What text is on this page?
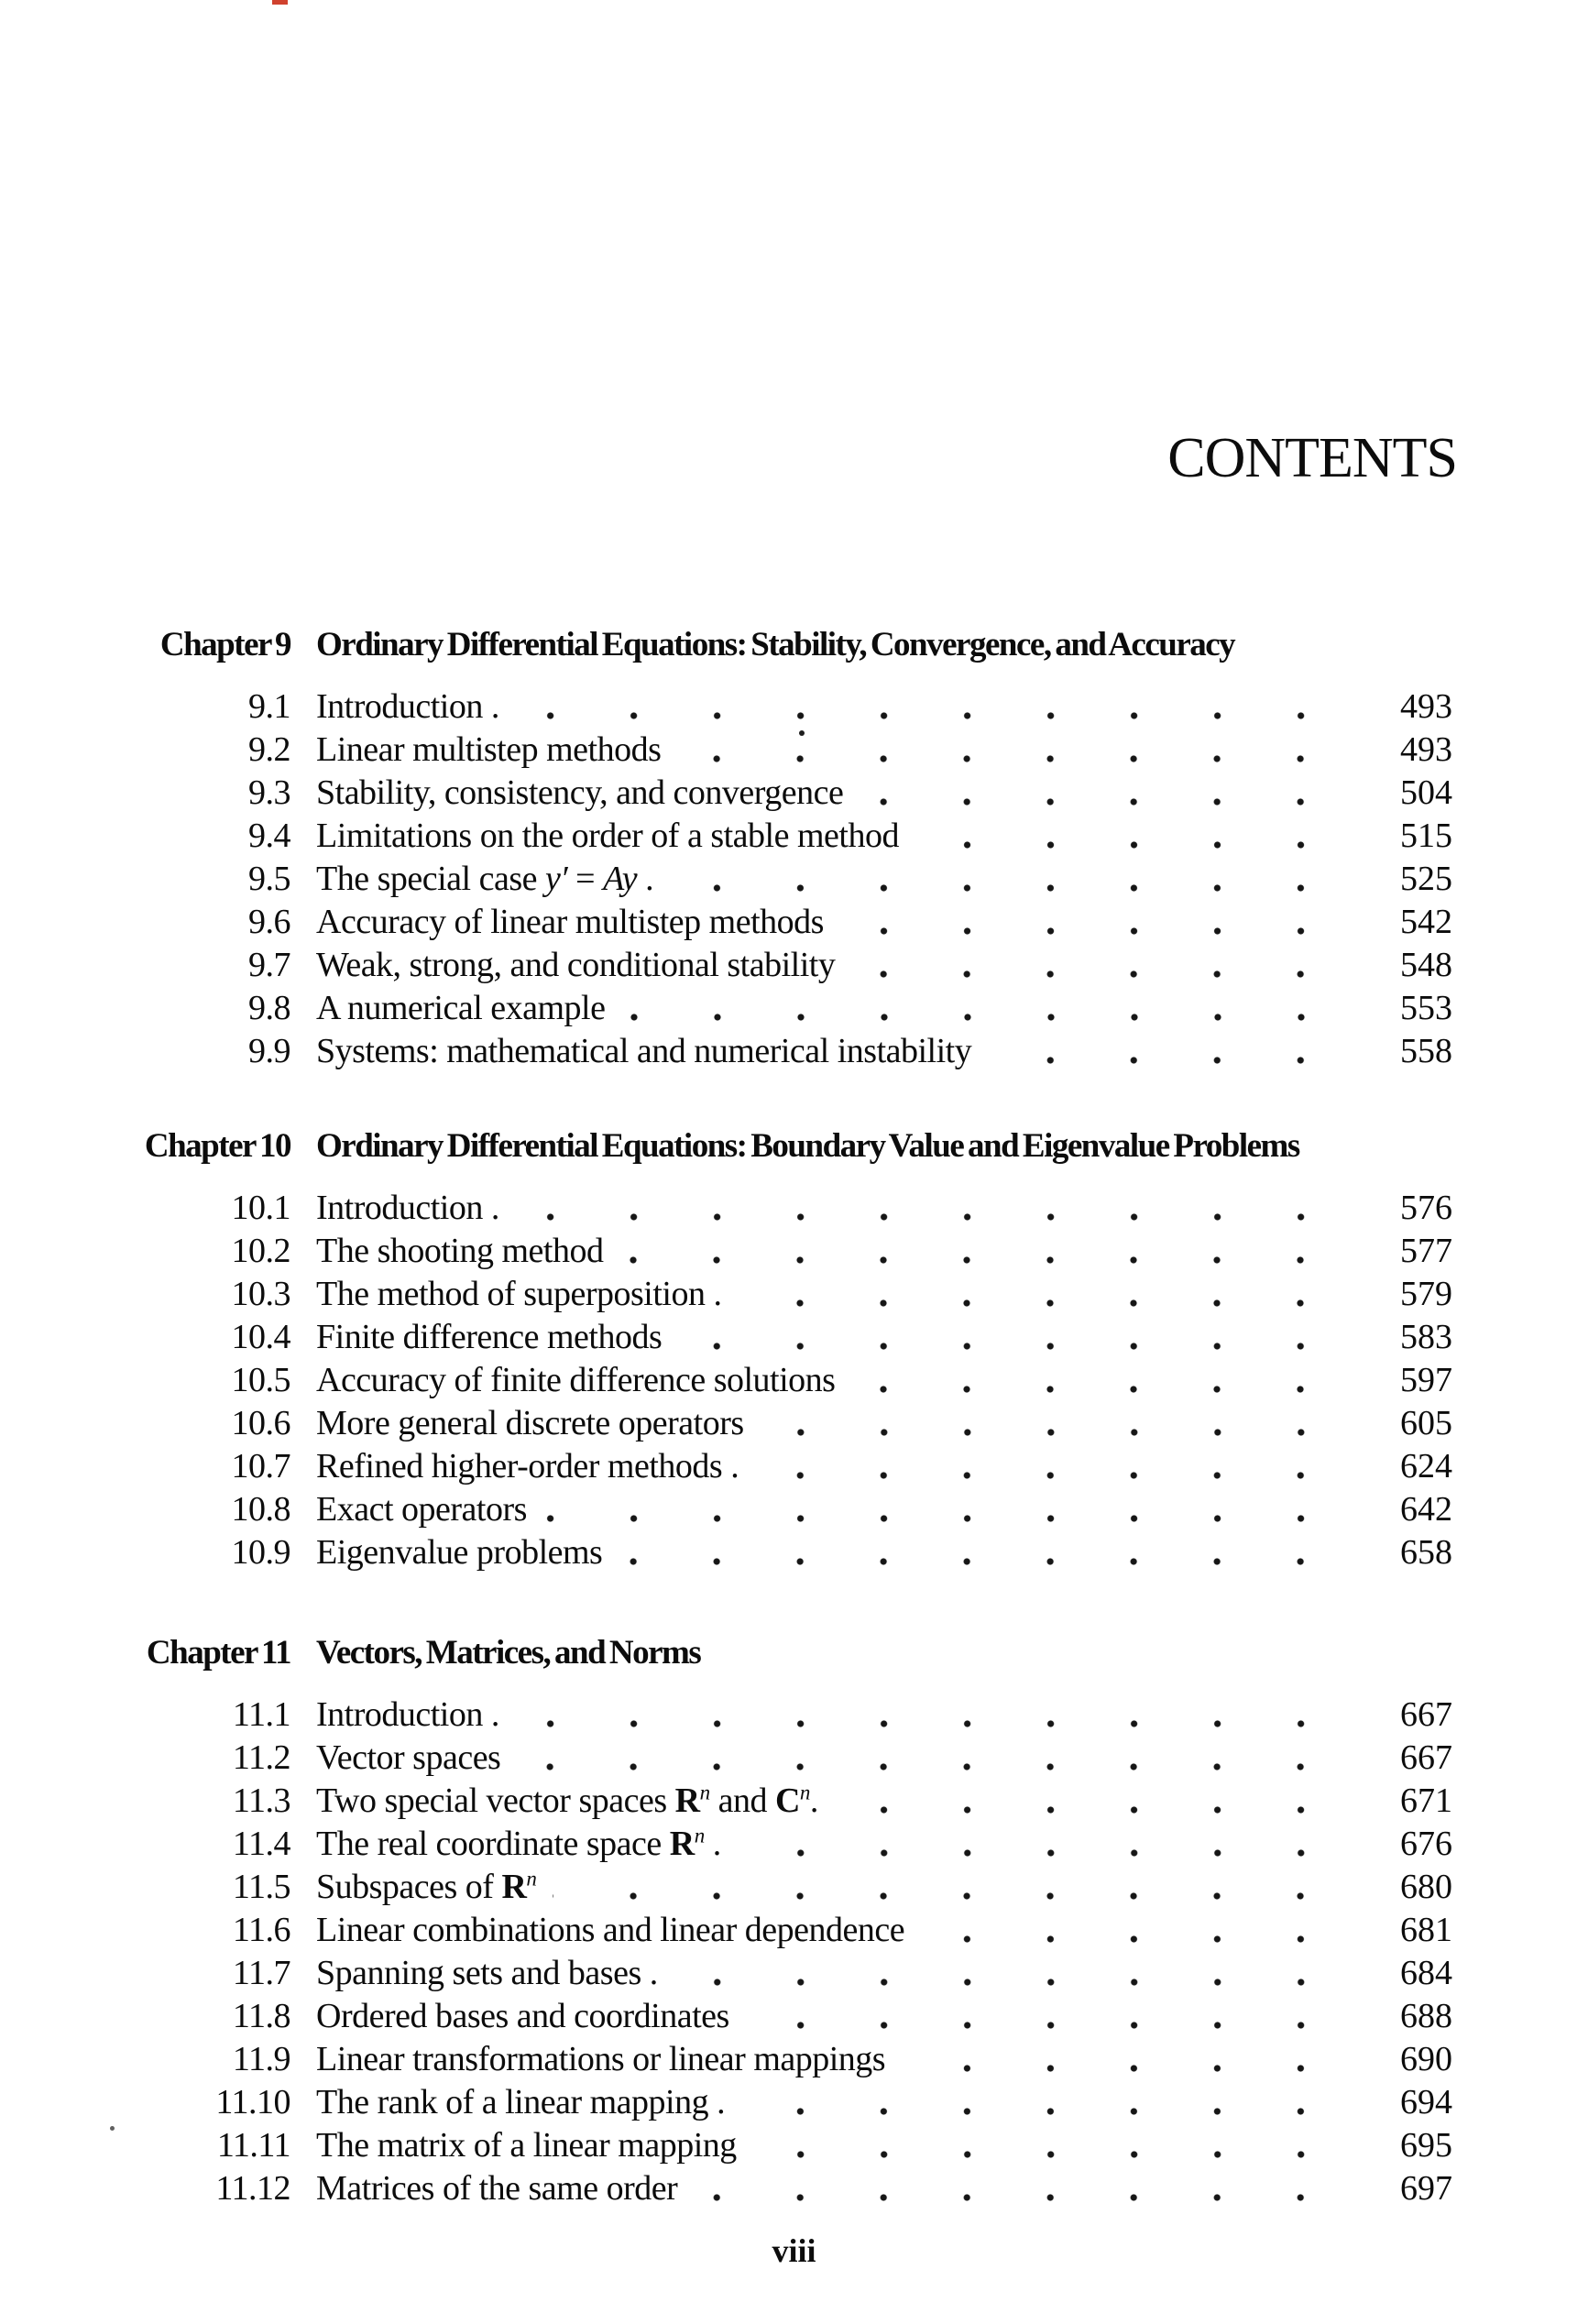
CONTENTS
Chapter 9 Ordinary Differential Equations: Stability, Convergence, and Accuracy
9.1 Introduction .	493
9.2 Linear multistep methods	493
9.3 Stability, consistency, and convergence	504
9.4 Limitations on the order of a stable method	515
9.5 The special case y′ = Ay .	525
9.6 Accuracy of linear multistep methods	542
9.7 Weak, strong, and conditional stability	548
9.8 A numerical example	553
9.9 Systems: mathematical and numerical instability	558
Chapter 10 Ordinary Differential Equations: Boundary Value and Eigenvalue Problems
10.1 Introduction .	576
10.2 The shooting method	577
10.3 The method of superposition .	579
10.4 Finite difference methods	583
10.5 Accuracy of finite difference solutions	597
10.6 More general discrete operators	605
10.7 Refined higher-order methods .	624
10.8 Exact operators	642
10.9 Eigenvalue problems	658
Chapter 11 Vectors, Matrices, and Norms
11.1 Introduction .	667
11.2 Vector spaces	667
11.3 Two special vector spaces $R^n$ and $C^n$.	671
11.4 The real coordinate space $R^n$ .	676
11.5 Subspaces of $R^n$	680
11.6 Linear combinations and linear dependence	681
11.7 Spanning sets and bases .	684
11.8 Ordered bases and coordinates	688
11.9 Linear transformations or linear mappings	690
11.10 The rank of a linear mapping .	694
11.11 The matrix of a linear mapping	695
11.12 Matrices of the same order	697
viii
